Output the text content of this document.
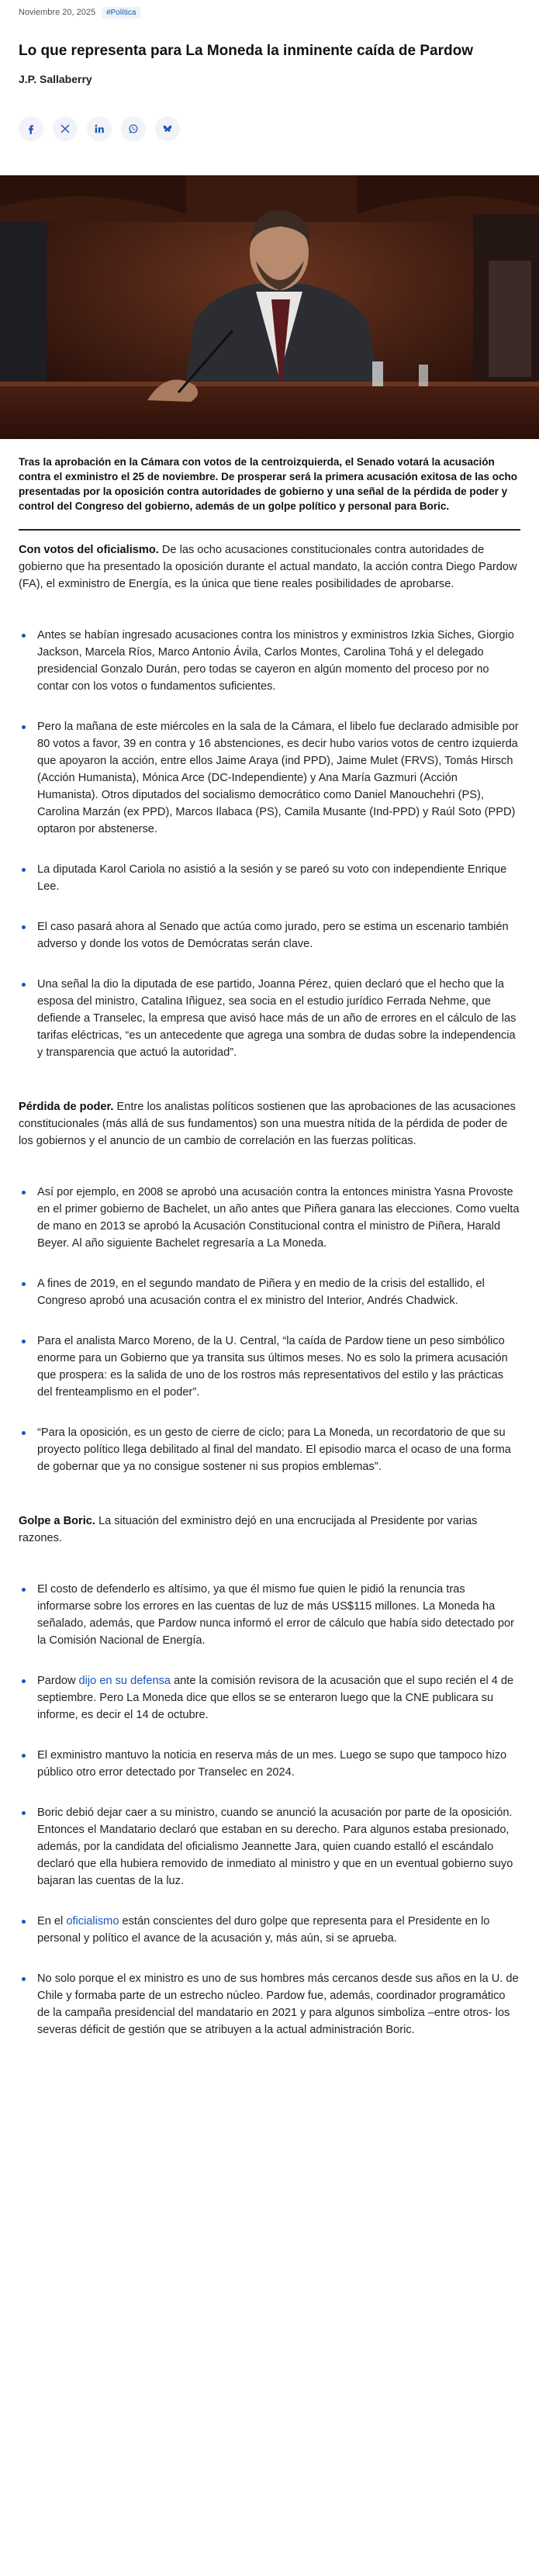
Noviembre 20, 2025	#Política
Lo que representa para La Moneda la inminente caída de Pardow
J.P. Sallaberry

Tras la aprobación en la Cámara con votos de la centroizquierda, el Senado votará la acusación contra el exministro el 25 de noviembre. De prosperar será la primera acusación exitosa de las ocho presentadas por la oposición contra autoridades de gobierno y una señal de la pérdida de poder y control del Congreso del gobierno, además de un golpe político y personal para Boric.

Con votos del oficialismo. De las ocho acusaciones constitucionales contra autoridades de gobierno que ha presentado la oposición durante el actual mandato, la acción contra Diego Pardow (FA), el exministro de Energía, es la única que tiene reales posibilidades de aprobarse.

Antes se habían ingresado acusaciones contra los ministros y exministros Izkia Siches, Giorgio Jackson, Marcela Ríos, Marco Antonio Ávila, Carlos Montes, Carolina Tohá y el delegado presidencial Gonzalo Durán, pero todas se cayeron en algún momento del proceso por no contar con los votos o fundamentos suficientes.
Pero la mañana de este miércoles en la sala de la Cámara, el libelo fue declarado admisible por 80 votos a favor, 39 en contra y 16 abstenciones, es decir hubo varios votos de centro izquierda que apoyaron la acción, entre ellos Jaime Araya (ind PPD), Jaime Mulet (FRVS), Tomás Hirsch (Acción Humanista), Mónica Arce (DC-Independiente) y Ana María Gazmuri (Acción Humanista). Otros diputados del socialismo democrático como Daniel Manouchehri (PS), Carolina Marzán (ex PPD), Marcos Ilabaca (PS), Camila Musante (Ind-PPD) y Raúl Soto (PPD) optaron por abstenerse.
La diputada Karol Cariola no asistió a la sesión y se pareó su voto con independiente Enrique Lee.
El caso pasará ahora al Senado que actúa como jurado, pero se estima un escenario también adverso y donde los votos de Demócratas serán clave.
Una señal la dio la diputada de ese partido, Joanna Pérez, quien declaró que el hecho que la esposa del ministro, Catalina Iñiguez, sea socia en el estudio jurídico Ferrada Nehme, que defiende a Transelec, la empresa que avisó hace más de un año de errores en el cálculo de las tarifas eléctricas, “es un antecedente que agrega una sombra de dudas sobre la independencia y transparencia que actuó la autoridad”.

Pérdida de poder. Entre los analistas políticos sostienen que las aprobaciones de las acusaciones constitucionales (más allá de sus fundamentos) son una muestra nítida de la pérdida de poder de los gobiernos y el anuncio de un cambio de correlación en las fuerzas políticas.

Así por ejemplo, en 2008 se aprobó una acusación contra la entonces ministra Yasna Provoste en el primer gobierno de Bachelet, un año antes que Piñera ganara las elecciones. Como vuelta de mano en 2013 se aprobó la Acusación Constitucional contra el ministro de Piñera, Harald Beyer. Al año siguiente Bachelet regresaría a La Moneda.
A fines de 2019, en el segundo mandato de Piñera y en medio de la crisis del estallido, el Congreso aprobó una acusación contra el ex ministro del Interior, Andrés Chadwick.
Para el analista Marco Moreno, de la U. Central, “la caída de Pardow tiene un peso simbólico enorme para un Gobierno que ya transita sus últimos meses. No es solo la primera acusación que prospera: es la salida de uno de los rostros más representativos del estilo y las prácticas del frenteamplismo en el poder”.
“Para la oposición, es un gesto de cierre de ciclo; para La Moneda, un recordatorio de que su proyecto político llega debilitado al final del mandato. El episodio marca el ocaso de una forma de gobernar que ya no consigue sostener ni sus propios emblemas”.

Golpe a Boric. La situación del exministro dejó en una encrucijada al Presidente por varias razones.

El costo de defenderlo es altísimo, ya que él mismo fue quien le pidió la renuncia tras informarse sobre los errores en las cuentas de luz de más US$115 millones. La Moneda ha señalado, además, que Pardow nunca informó el error de cálculo que había sido detectado por la Comisión Nacional de Energía.
Pardow dijo en su defensa ante la comisión revisora de la acusación que el supo recién el 4 de septiembre. Pero La Moneda dice que ellos se se enteraron luego que la CNE publicara su informe, es decir el 14 de octubre.
El exministro mantuvo la noticia en reserva más de un mes. Luego se supo que tampoco hizo público otro error detectado por Transelec en 2024.
Boric debió dejar caer a su ministro, cuando se anunció la acusación por parte de la oposición. Entonces el Mandatario declaró que estaban en su derecho. Para algunos estaba presionado, además, por la candidata del oficialismo Jeannette Jara, quien cuando estalló el escándalo declaró que ella hubiera removido de inmediato al ministro y que en un eventual gobierno suyo bajaran las cuentas de la luz.
En el oficialismo están conscientes del duro golpe que representa para el Presidente en lo personal y político el avance de la acusación y, más aún, si se aprueba.
No solo porque el ex ministro es uno de sus hombres más cercanos desde sus años en la U. de Chile y formaba parte de un estrecho núcleo. Pardow fue, además, coordinador programático de la campaña presidencial del mandatario en 2021 y para algunos simboliza –entre otros- los severas déficit de gestión que se atribuyen a la actual administración Boric.
